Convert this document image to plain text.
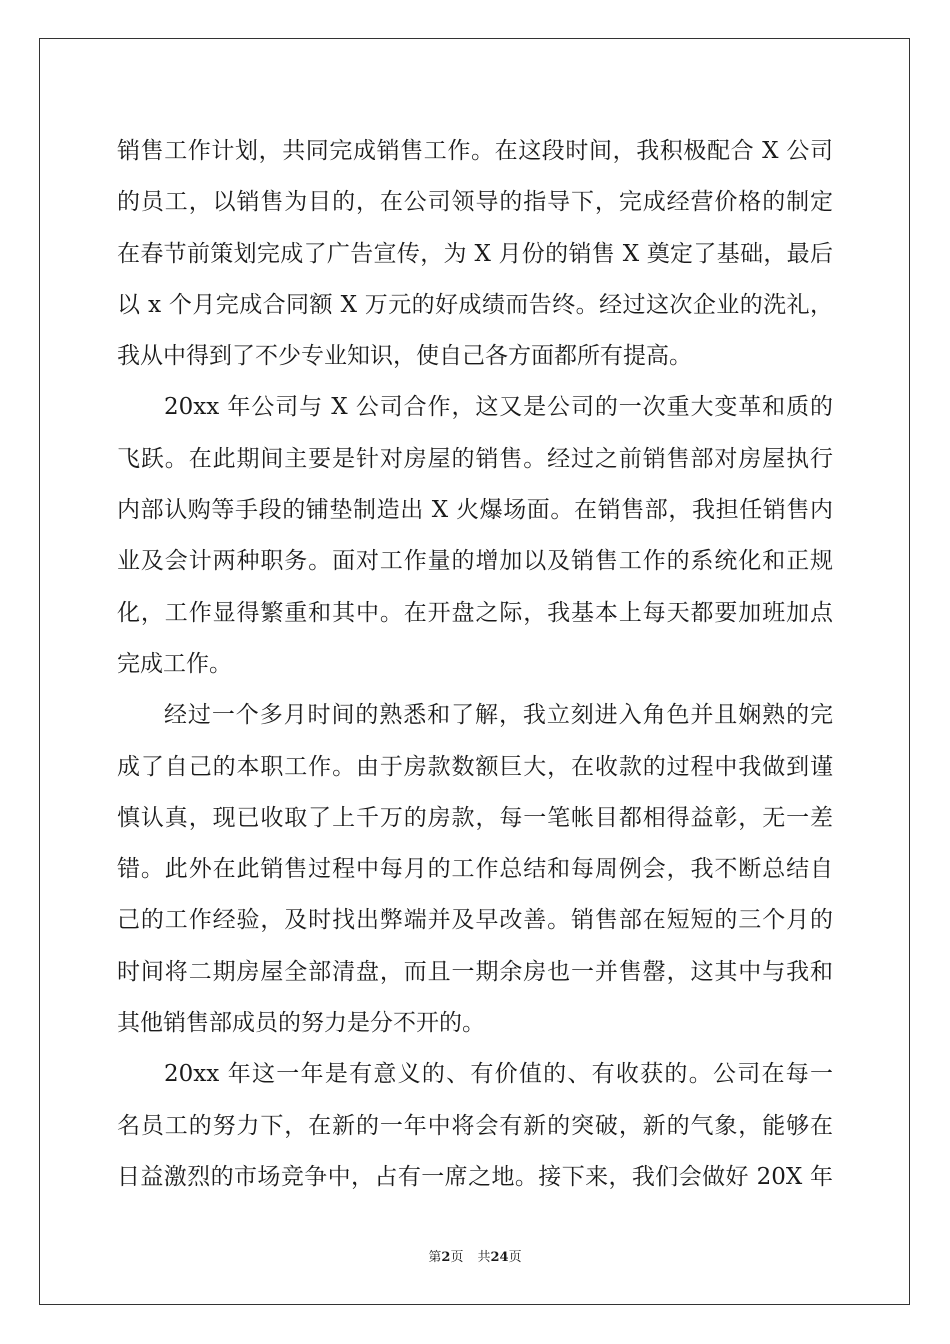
销售工作计划，共同完成销售工作。在这段时间，我积极配合 X 公司
的员工，以销售为目的，在公司领导的指导下，完成经营价格的制定
在春节前策划完成了广告宣传，为 X 月份的销售 X 奠定了基础，最后
以 x 个月完成合同额 X 万元的好成绩而告终。经过这次企业的洗礼，
我从中得到了不少专业知识，使自己各方面都所有提高。
20xx 年公司与 X 公司合作，这又是公司的一次重大变革和质的
飞跃。在此期间主要是针对房屋的销售。经过之前销售部对房屋执行
内部认购等手段的铺垫制造出 X 火爆场面。在销售部，我担任销售内
业及会计两种职务。面对工作量的增加以及销售工作的系统化和正规
化，工作显得繁重和其中。在开盘之际，我基本上每天都要加班加点
完成工作。
经过一个多月时间的熟悉和了解，我立刻进入角色并且娴熟的完
成了自己的本职工作。由于房款数额巨大，在收款的过程中我做到谨
慎认真，现已收取了上千万的房款，每一笔帐目都相得益彰，无一差
错。此外在此销售过程中每月的工作总结和每周例会，我不断总结自
己的工作经验，及时找出弊端并及早改善。销售部在短短的三个月的
时间将二期房屋全部清盘，而且一期余房也一并售罄，这其中与我和
其他销售部成员的努力是分不开的。
20xx 年这一年是有意义的、有价值的、有收获的。公司在每一
名员工的努力下，在新的一年中将会有新的突破，新的气象，能够在
日益激烈的市场竞争中，占有一席之地。接下来，我们会做好 20X 年
第2页 共24页
